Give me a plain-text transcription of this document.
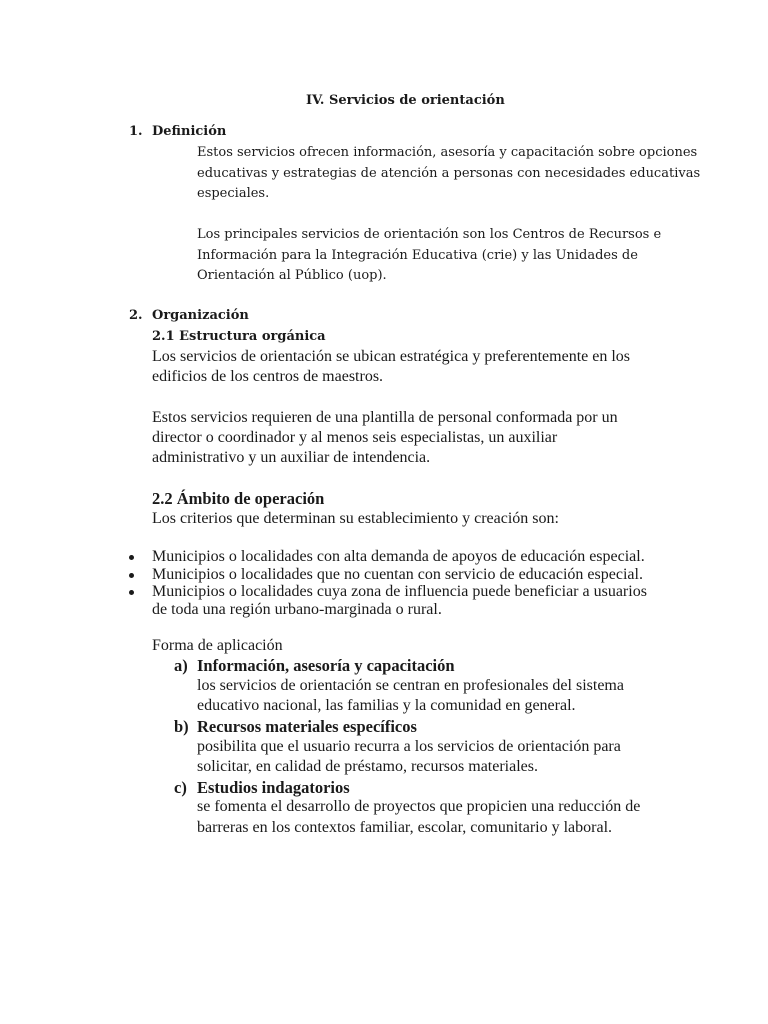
IV. Servicios de orientación
1. Definición
Estos servicios ofrecen información, asesoría y capacitación sobre opciones
educativas y estrategias de atención a personas con necesidades educativas
especiales.
Los principales servicios de orientación son los Centros de Recursos e
Información para la Integración Educativa (crie) y las Unidades de
Orientación al Público (uop).
2. Organización
2.1 Estructura orgánica
Los servicios de orientación se ubican estratégica y preferentemente en los
edificios de los centros de maestros.
Estos servicios requieren de una plantilla de personal conformada por un
director o coordinador y al menos seis especialistas, un auxiliar
administrativo y un auxiliar de intendencia.
2.2 Ámbito de operación
Los criterios que determinan su establecimiento y creación son:
Municipios o localidades con alta demanda de apoyos de educación especial.
Municipios o localidades que no cuentan con servicio de educación especial.
Municipios o localidades cuya zona de influencia puede beneficiar a usuarios
de toda una región urbano-marginada o rural.
Forma de aplicación
a) Información, asesoría y capacitación
los servicios de orientación se centran en profesionales del sistema
educativo nacional, las familias y la comunidad en general.
b) Recursos materiales específicos
posibilita que el usuario recurra a los servicios de orientación para
solicitar, en calidad de préstamo, recursos materiales.
c) Estudios indagatorios
se fomenta el desarrollo de proyectos que propicien una reducción de
barreras en los contextos familiar, escolar, comunitario y laboral.
